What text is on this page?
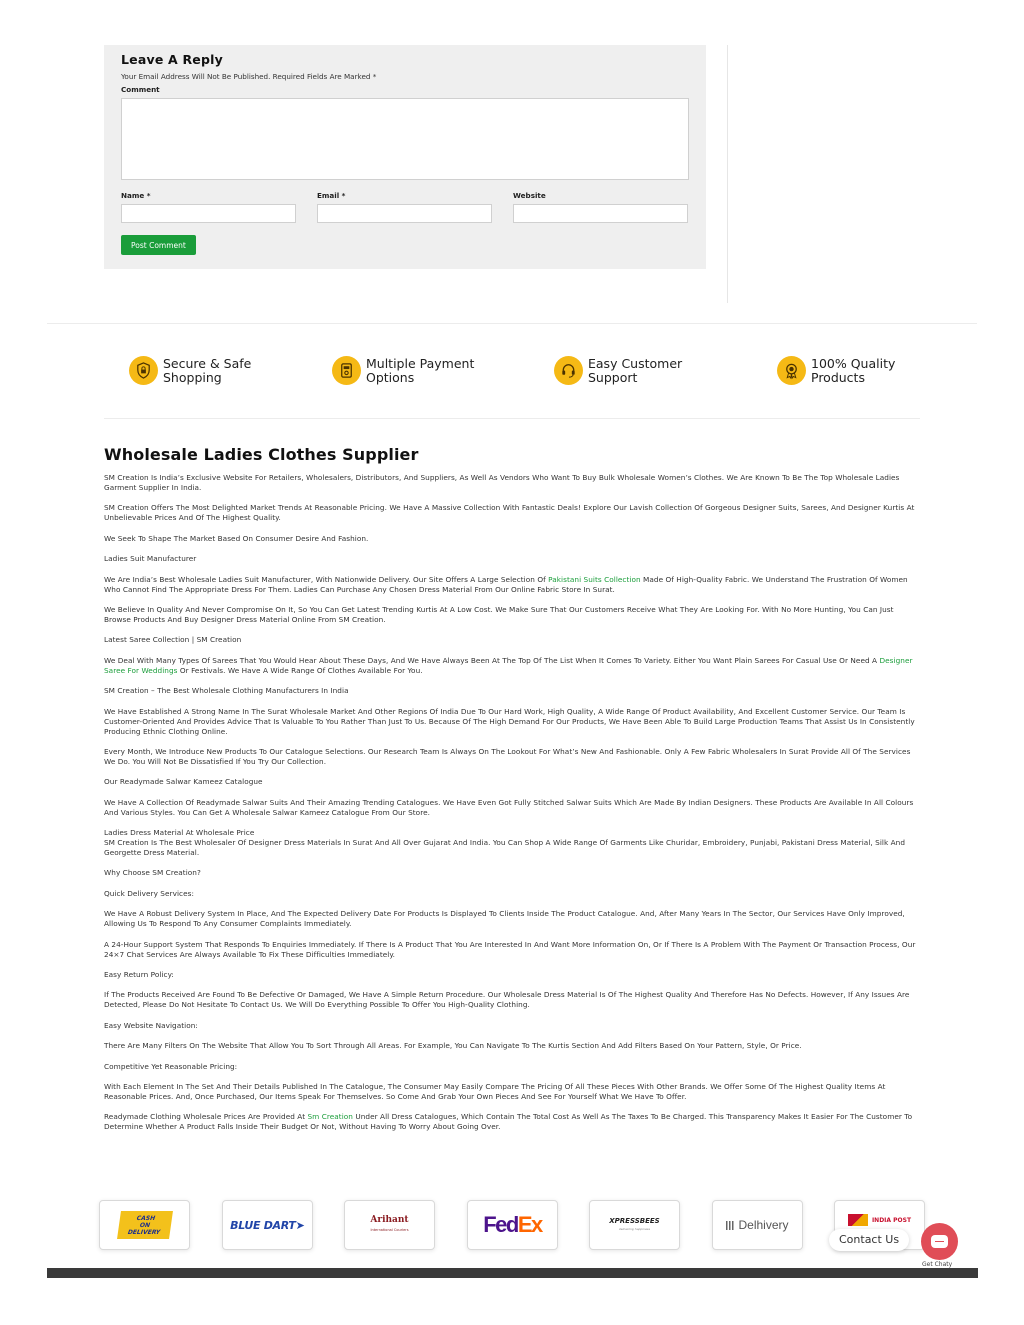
Leave A Reply
Your Email Address Will Not Be Published. Required Fields Are Marked *
Comment
Name *	Email *	Website
Post Comment
Secure & Safe
Shopping
Multiple Payment
Options
Easy Customer
Support
100% Quality
Products
Wholesale Ladies Clothes Supplier

SM Creation Is India’s Exclusive Website For Retailers, Wholesalers, Distributors, And Suppliers, As Well As Vendors Who Want To Buy Bulk Wholesale Women’s Clothes. We Are Known To Be The Top Wholesale Ladies Garment Supplier In India.

SM Creation Offers The Most Delighted Market Trends At Reasonable Pricing. We Have A Massive Collection With Fantastic Deals! Explore Our Lavish Collection Of Gorgeous Designer Suits, Sarees, And Designer Kurtis At Unbelievable Prices And Of The Highest Quality.

We Seek To Shape The Market Based On Consumer Desire And Fashion.

Ladies Suit Manufacturer

We Are India’s Best Wholesale Ladies Suit Manufacturer, With Nationwide Delivery. Our Site Offers A Large Selection Of Pakistani Suits Collection Made Of High-Quality Fabric. We Understand The Frustration Of Women Who Cannot Find The Appropriate Dress For Them. Ladies Can Purchase Any Chosen Dress Material From Our Online Fabric Store In Surat.

We Believe In Quality And Never Compromise On It, So You Can Get Latest Trending Kurtis At A Low Cost. We Make Sure That Our Customers Receive What They Are Looking For. With No More Hunting, You Can Just Browse Products And Buy Designer Dress Material Online From SM Creation.

Latest Saree Collection | SM Creation

We Deal With Many Types Of Sarees That You Would Hear About These Days, And We Have Always Been At The Top Of The List When It Comes To Variety. Either You Want Plain Sarees For Casual Use Or Need A Designer Saree For Weddings Or Festivals. We Have A Wide Range Of Clothes Available For You.

SM Creation – The Best Wholesale Clothing Manufacturers In India

We Have Established A Strong Name In The Surat Wholesale Market And Other Regions Of India Due To Our Hard Work, High Quality, A Wide Range Of Product Availability, And Excellent Customer Service. Our Team Is Customer-Oriented And Provides Advice That Is Valuable To You Rather Than Just To Us. Because Of The High Demand For Our Products, We Have Been Able To Build Large Production Teams That Assist Us In Consistently Producing Ethnic Clothing Online.

Every Month, We Introduce New Products To Our Catalogue Selections. Our Research Team Is Always On The Lookout For What’s New And Fashionable. Only A Few Fabric Wholesalers In Surat Provide All Of The Services We Do. You Will Not Be Dissatisfied If You Try Our Collection.

Our Readymade Salwar Kameez Catalogue

We Have A Collection Of Readymade Salwar Suits And Their Amazing Trending Catalogues. We Have Even Got Fully Stitched Salwar Suits Which Are Made By Indian Designers. These Products Are Available In All Colours And Various Styles. You Can Get A Wholesale Salwar Kameez Catalogue From Our Store.

Ladies Dress Material At Wholesale Price

SM Creation Is The Best Wholesaler Of Designer Dress Materials In Surat And All Over Gujarat And India. You Can Shop A Wide Range Of Garments Like Churidar, Embroidery, Punjabi, Pakistani Dress Material, Silk And Georgette Dress Material.

Why Choose SM Creation?

Quick Delivery Services:

We Have A Robust Delivery System In Place, And The Expected Delivery Date For Products Is Displayed To Clients Inside The Product Catalogue. And, After Many Years In The Sector, Our Services Have Only Improved, Allowing Us To Respond To Any Consumer Complaints Immediately.

A 24-Hour Support System That Responds To Enquiries Immediately. If There Is A Product That You Are Interested In And Want More Information On, Or If There Is A Problem With The Payment Or Transaction Process, Our 24×7 Chat Services Are Always Available To Fix These Difficulties Immediately.

Easy Return Policy:

If The Products Received Are Found To Be Defective Or Damaged, We Have A Simple Return Procedure. Our Wholesale Dress Material Is Of The Highest Quality And Therefore Has No Defects. However, If Any Issues Are Detected, Please Do Not Hesitate To Contact Us. We Will Do Everything Possible To Offer You High-Quality Clothing.

Easy Website Navigation:

There Are Many Filters On The Website That Allow You To Sort Through All Areas. For Example, You Can Navigate To The Kurtis Section And Add Filters Based On Your Pattern, Style, Or Price.

Competitive Yet Reasonable Pricing:

With Each Element In The Set And Their Details Published In The Catalogue, The Consumer May Easily Compare The Pricing Of All These Pieces With Other Brands. We Offer Some Of The Highest Quality Items At Reasonable Prices. And, Once Purchased, Our Items Speak For Themselves. So Come And Grab Your Own Pieces And See For Yourself What We Have To Offer.

Readymade Clothing Wholesale Prices Are Provided At Sm Creation Under All Dress Catalogues, Which Contain The Total Cost As Well As The Taxes To Be Charged. This Transparency Makes It Easier For The Customer To Determine Whether A Product Falls Inside Their Budget Or Not, Without Having To Worry About Going Over.

CASH
ON
DELIVERY
BLUE DART ➤	Arihant
International Couriers	FedEx	XPRESSBEES
delivering happiness	Delhivery	INDIA POST
Contact Us
Get Chaty
